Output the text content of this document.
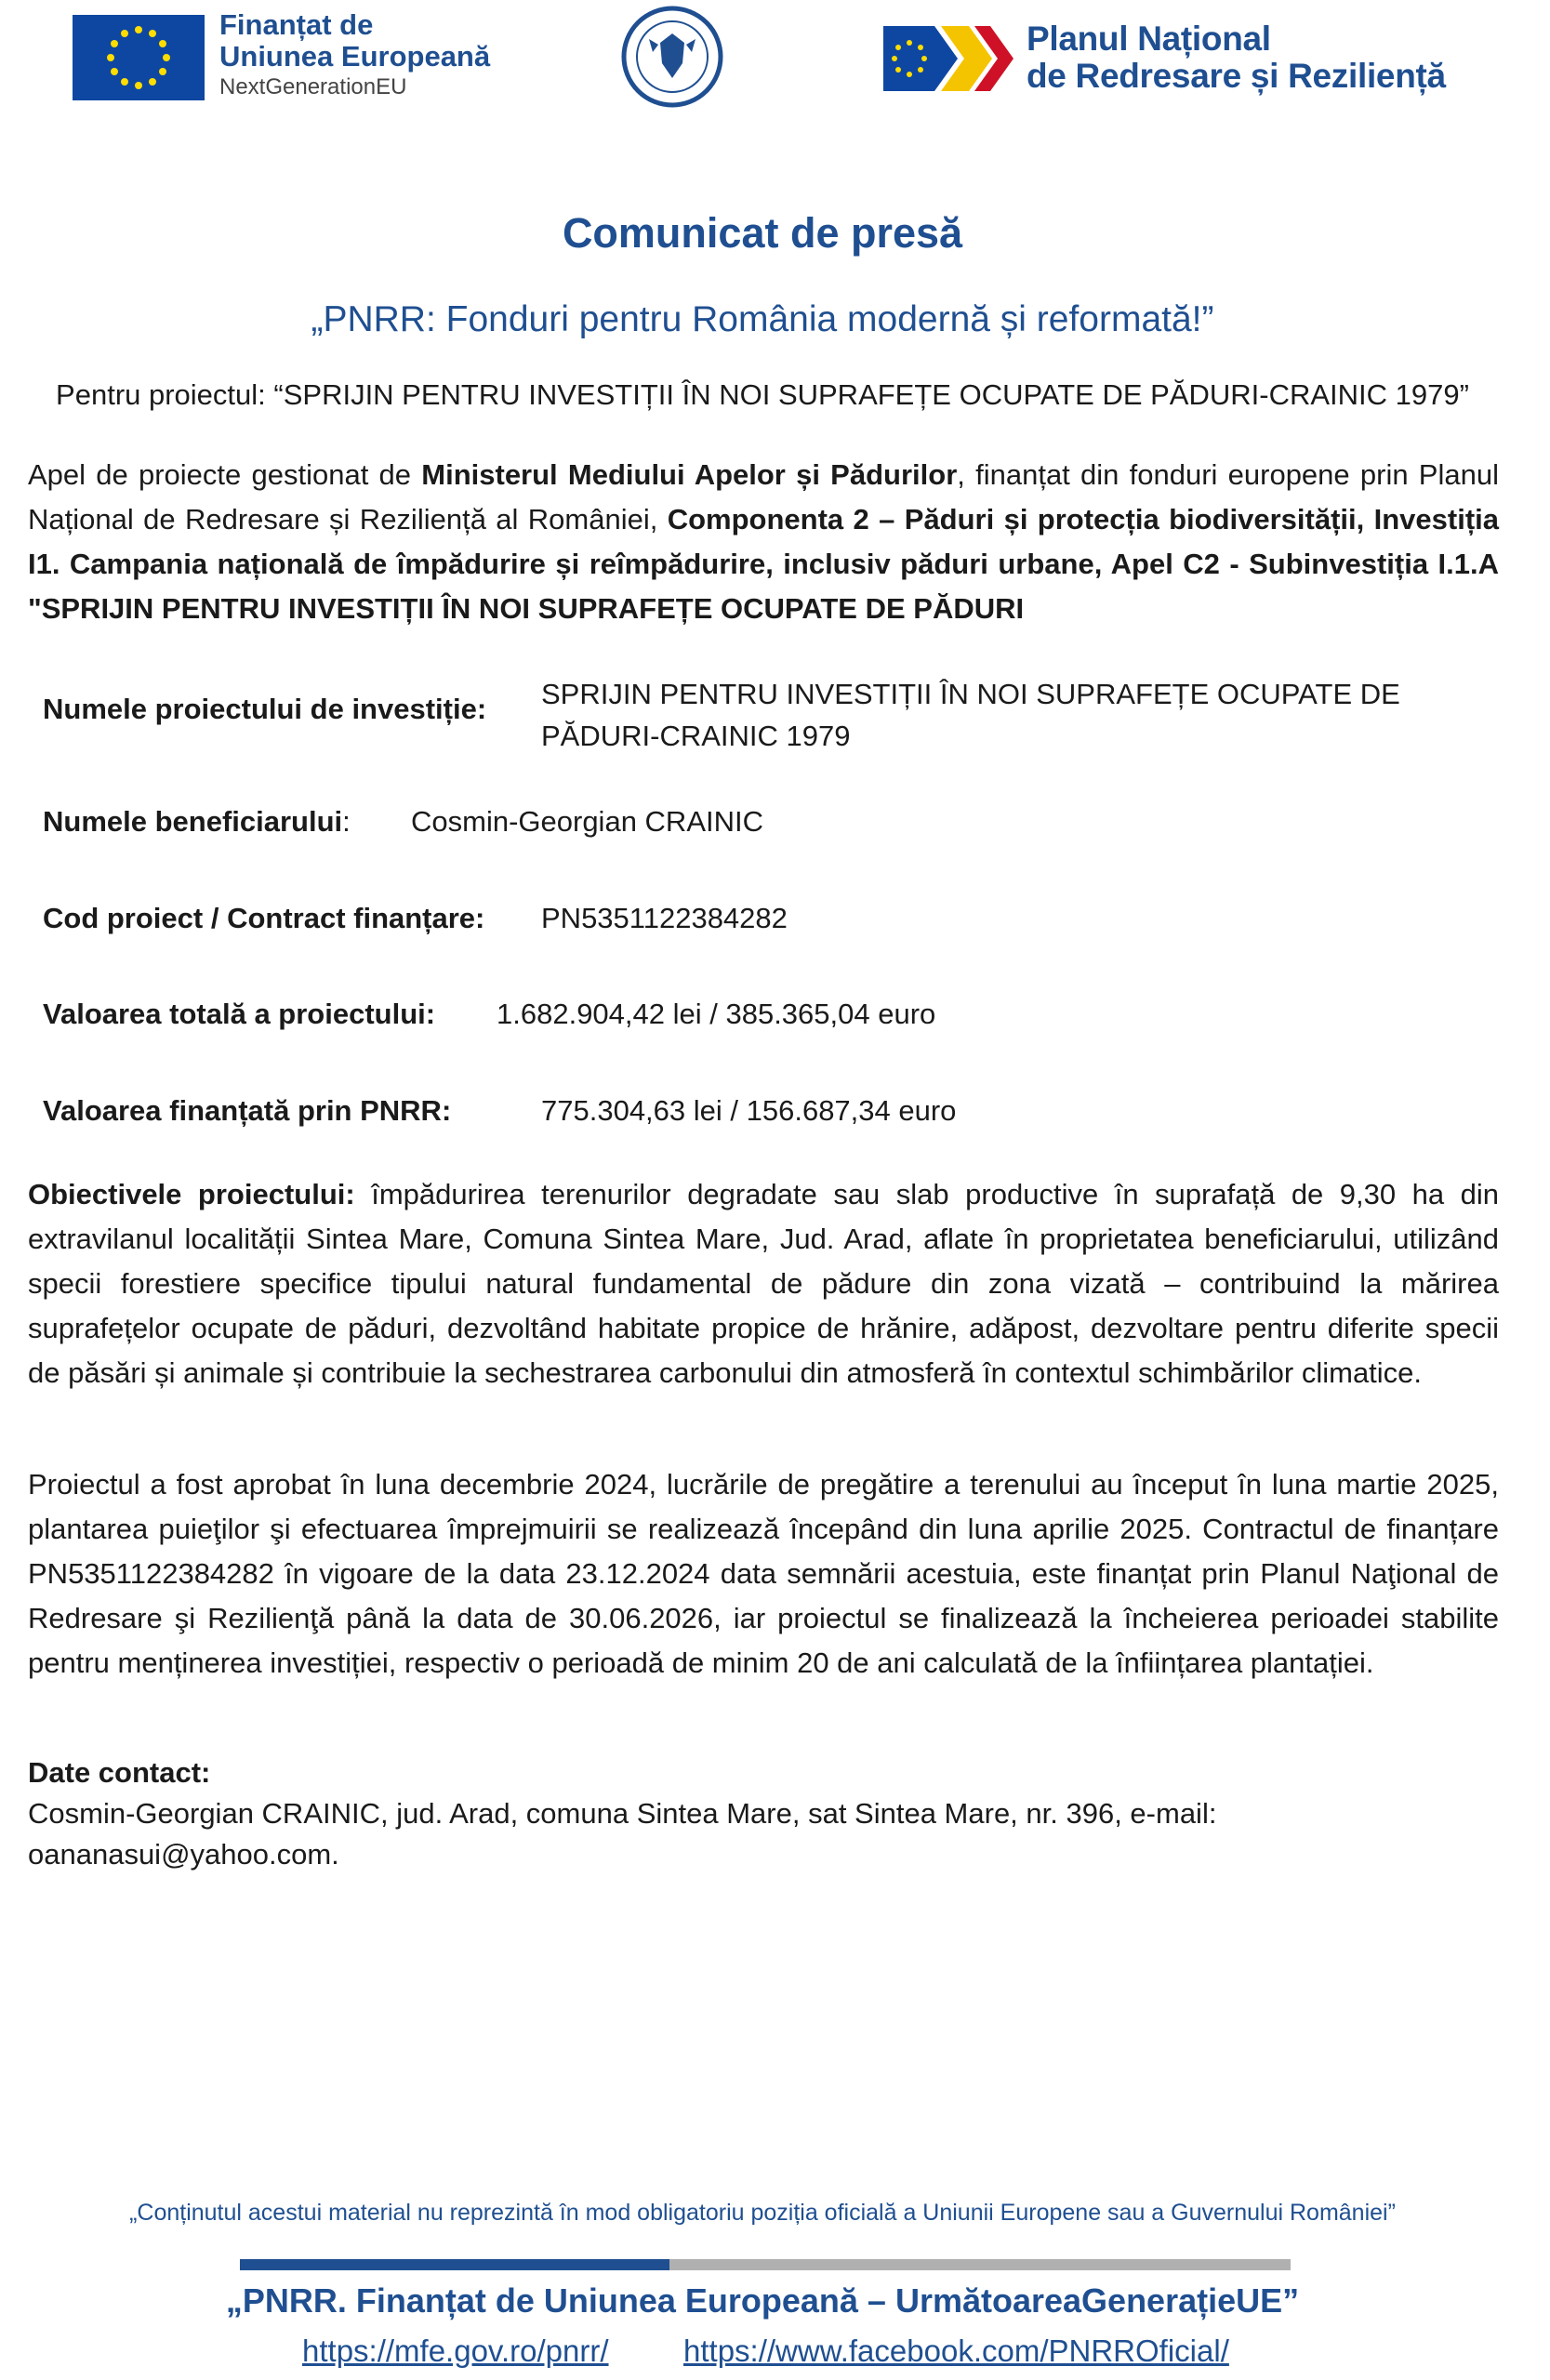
Finanțat de
Uniunea Europeană
NextGenerationEU
Planul Național
de Redresare și Reziliență
Comunicat de presă
„PNRR: Fonduri pentru România modernă și reformată!”
Pentru proiectul: “SPRIJIN PENTRU INVESTIȚII ÎN NOI SUPRAFEȚE OCUPATE DE PĂDURI-CRAINIC 1979”
Apel de proiecte gestionat de Ministerul Mediului Apelor și Pădurilor, finanțat din fonduri europene prin Planul Național de Redresare și Reziliență al României, Componenta 2 – Păduri și protecția biodiversității, Investiția I1. Campania națională de împădurire și reîmpădurire, inclusiv păduri urbane, Apel C2 - Subinvestiția I.1.A "SPRIJIN PENTRU INVESTIȚII ÎN NOI SUPRAFEȚE OCUPATE DE PĂDURI
Numele proiectului de investiție: SPRIJIN PENTRU INVESTIȚII ÎN NOI SUPRAFEȚE OCUPATE DE
PĂDURI-CRAINIC 1979
Numele beneficiarului: Cosmin-Georgian CRAINIC
Cod proiect / Contract finanțare: PN5351122384282
Valoarea totală a proiectului: 1.682.904,42 lei / 385.365,04 euro
Valoarea finanțată prin PNRR:	775.304,63 lei / 156.687,34 euro
Obiectivele proiectului: împădurirea terenurilor degradate sau slab productive în suprafață de 9,30 ha din extravilanul localității Sintea Mare, Comuna Sintea Mare, Jud. Arad, aflate în proprietatea beneficiarului, utilizând specii forestiere specifice tipului natural fundamental de pădure din zona vizată – contribuind la mărirea suprafețelor ocupate de păduri, dezvoltând habitate propice de hrănire, adăpost, dezvoltare pentru diferite specii de păsări și animale și contribuie la sechestrarea carbonului din atmosferă în contextul schimbărilor climatice.
Proiectul a fost aprobat în luna decembrie 2024, lucrările de pregătire a terenului au început în luna martie 2025, plantarea puieţilor şi efectuarea împrejmuirii se realizează începând din luna aprilie 2025. Contractul de finanțare PN5351122384282 în vigoare de la data 23.12.2024 data semnării acestuia, este finanțat prin Planul Naţional de Redresare şi Rezilienţă până la data de 30.06.2026, iar proiectul se finalizează la încheierea perioadei stabilite pentru menținerea investiției, respectiv o perioadă de minim 20 de ani calculată de la înființarea plantației.
Date contact:
Cosmin-Georgian CRAINIC, jud. Arad, comuna Sintea Mare, sat Sintea Mare, nr. 396, e-mail:
oananasui@yahoo.com.
„Conținutul acestui material nu reprezintă în mod obligatoriu poziția oficială a Uniunii Europene sau a Guvernului României”
„PNRR. Finanțat de Uniunea Europeană – UrmătoareaGenerațieUE”
https://mfe.gov.ro/pnrr/ https://www.facebook.com/PNRROficial/
